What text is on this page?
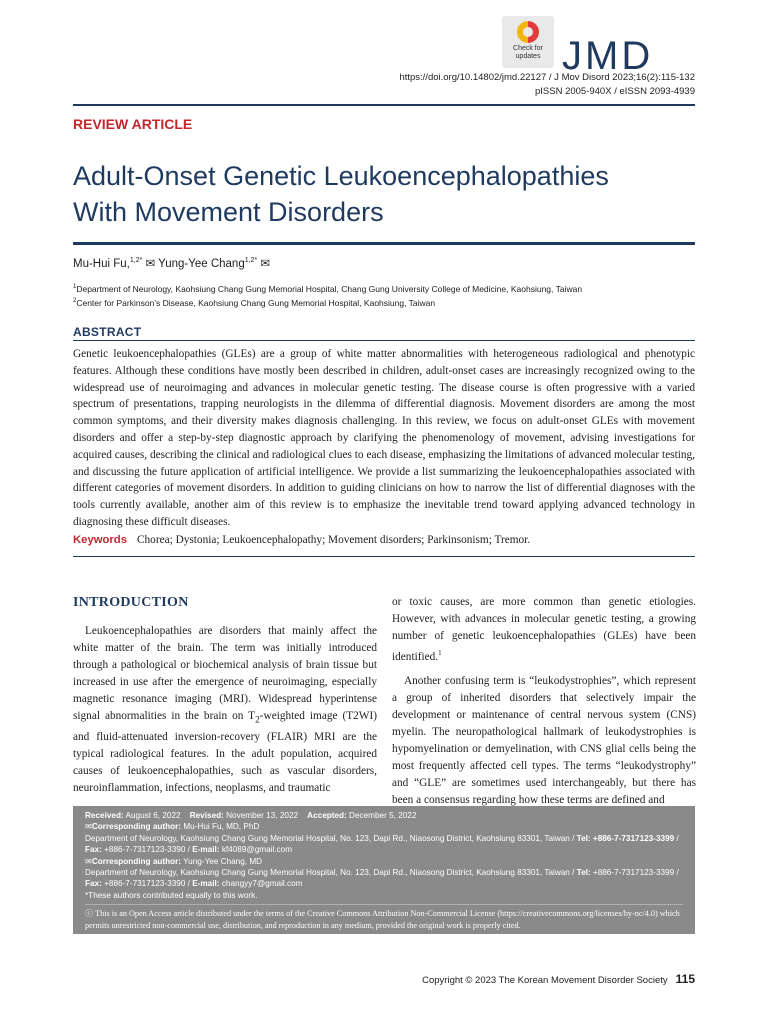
Check for
updates JMD
https://doi.org/10.14802/jmd.22127 / J Mov Disord 2023;16(2):115-132
pISSN 2005-940X / eISSN 2093-4939
REVIEW ARTICLE
Adult-Onset Genetic Leukoencephalopathies
With Movement Disorders
Mu-Hui Fu,$^{1,2*}$ ✉ Yung-Yee Chang$^{1,2*}$ ✉
$^1$Department of Neurology, Kaohsiung Chang Gung Memorial Hospital, Chang Gung University College of Medicine, Kaohsiung, Taiwan
$^2$Center for Parkinson’s Disease, Kaohsiung Chang Gung Memorial Hospital, Kaohsiung, Taiwan
ABSTRACT

Genetic leukoencephalopathies (GLEs) are a group of white matter abnormalities with heterogeneous radiological and phenotypic features. Although these conditions have mostly been described in children, adult-onset cases are increasingly recognized owing to the widespread use of neuroimaging and advances in molecular genetic testing. The disease course is often progressive with a varied spectrum of presentations, trapping neurologists in the dilemma of differential diagnosis. Movement disorders are among the most common symptoms, and their diversity makes diagnosis challenging. In this review, we focus on adult-onset GLEs with movement disorders and offer a step-by-step diagnostic approach by clarifying the phenomenology of movement, advising investigations for acquired causes, describing the clinical and radiological clues to each disease, emphasizing the limitations of advanced molecular testing, and discussing the future application of artificial intelligence. We provide a list summarizing the leukoencephalopathies associated with different categories of movement disorders. In addition to guiding clinicians on how to narrow the list of differential diagnoses with the tools currently available, another aim of this review is to emphasize the inevitable trend toward applying advanced technology in diagnosing these difficult diseases.

Keywords Chorea; Dystonia; Leukoencephalopathy; Movement disorders; Parkinsonism; Tremor.
INTRODUCTION

Leukoencephalopathies are disorders that mainly affect the white matter of the brain. The term was initially introduced through a pathological or biochemical analysis of brain tissue but increased in use after the emergence of neuroimaging, especially magnetic resonance imaging (MRI). Widespread hyperintense signal abnormalities in the brain on $T_2$-weighted image (T2WI) and fluid-attenuated inversion-recovery (FLAIR) MRI are the typical radiological features. In the adult population, acquired causes of leukoencephalopathies, such as vascular disorders, neuroinflammation, infections, neoplasms, and traumatic

or toxic causes, are more common than genetic etiologies. However, with advances in molecular genetic testing, a growing number of genetic leukoencephalopathies (GLEs) have been identified.$^1$

Another confusing term is “leukodystrophies”, which represent a group of inherited disorders that selectively impair the development or maintenance of central nervous system (CNS) myelin. The neuropathological hallmark of leukodystrophies is hypomyelination or demyelination, with CNS glial cells being the most frequently affected cell types. The terms “leukodystrophy” and “GLE” are sometimes used interchangeably, but there has been a consensus regarding how these terms are defined and

Received: August 6, 2022 Revised: November 13, 2022 Accepted: December 5, 2022
✉Corresponding author: Mu-Hui Fu, MD, PhD
Department of Neurology, Kaohsiung Chang Gung Memorial Hospital, No. 123, Dapi Rd., Niaosong District, Kaohsiung 83301, Taiwan / Tel: +886-7-7317123-3399 / Fax: +886-7-7317123-3390 / E-mail: kf4089@gmail.com
✉Corresponding author: Yung-Yee Chang, MD
Department of Neurology, Kaohsiung Chang Gung Memorial Hospital, No. 123, Dapi Rd., Niaosong District, Kaohsiung 83301, Taiwan / Tel: +886-7-7317123-3399 / Fax: +886-7-7317123-3390 / E-mail: changyy7@gmail.com
*These authors contributed equally to this work.
ⓒ This is an Open Access article distributed under the terms of the Creative Commons Attribution Non-Commercial License (https://creativecommons.org/licenses/by-nc/4.0) which permits unrestricted non-commercial use, distribution, and reproduction in any medium, provided the original work is properly cited.
Copyright © 2023 The Korean Movement Disorder Society 115
